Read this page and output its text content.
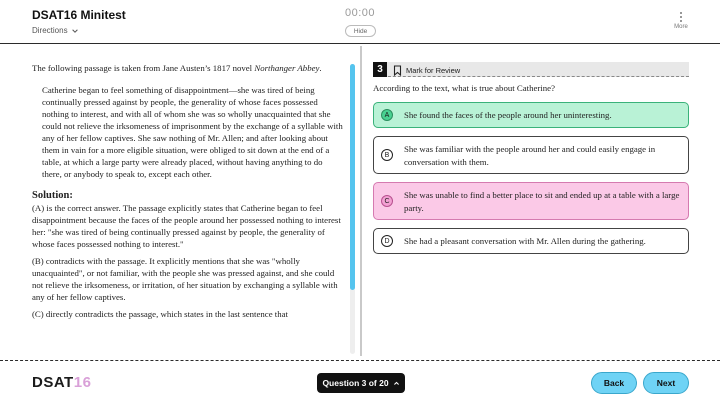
DSAT16 Minitest
Directions
00:00
Hide
More

The following passage is taken from Jane Austen’s 1817 novel Northanger Abbey.

Catherine began to feel something of disappointment—she was tired of being continually pressed against by people, the generality of whose faces possessed nothing to interest, and with all of whom she was so wholly unacquainted that she could not relieve the irksomeness of imprisonment by the exchange of a syllable with any of her fellow captives. She saw nothing of Mr. Allen; and after looking about them in vain for a more eligible situation, were obliged to sit down at the end of a table, at which a large party were already placed, without having anything to do there, or anybody to speak to, except each other.

Solution:

(A) is the correct answer. The passage explicitly states that Catherine began to feel disappointment because the faces of the people around her possessed nothing to interest her: "she was tired of being continually pressed against by people, the generality of whose faces possessed nothing to interest."

(B) contradicts with the passage. It explicitly mentions that she was "wholly unacquainted", or not familiar, with the people she was pressed against, and she could not relieve the irksomeness, or irritation, of her situation by exchanging a syllable with any of her fellow captives.

(C) directly contradicts the passage, which states in the last sentence that

3	Mark for Review
According to the text, what is true about Catherine?
A	She found the faces of the people around her uninteresting.
B
She was familiar with the people around her and could easily engage in conversation with them.
C
She was unable to find a better place to sit and ended up at a table with a large party.
D	She had a pleasant conversation with Mr. Allen during the gathering.
DSAT16	Question 3 of 20	Back	Next
